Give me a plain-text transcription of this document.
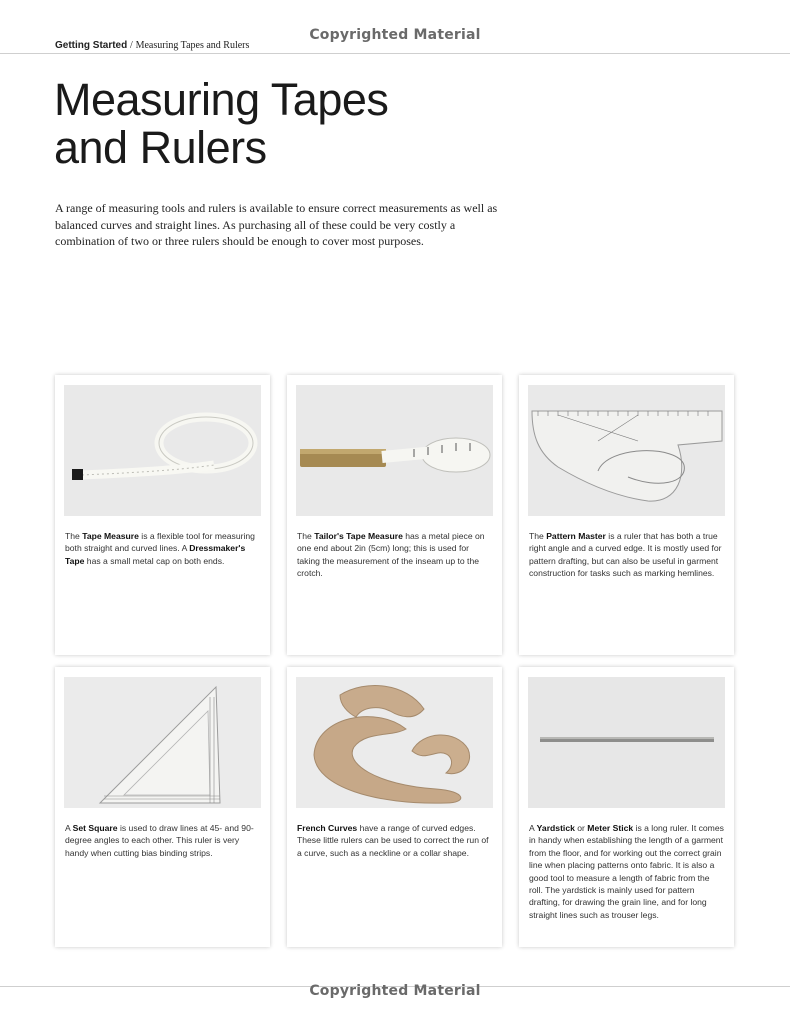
Copyrighted Material
Getting Started / Measuring Tapes and Rulers
Measuring Tapes
and Rulers

A range of measuring tools and rulers is available to ensure correct measurements as well as balanced curves and straight lines. As purchasing all of these could be very costly a combination of two or three rulers should be enough to cover most purposes.

The Tape Measure is a flexible tool for measuring both straight and curved lines. A Dressmaker's Tape has a small metal cap on both ends.

The Tailor's Tape Measure has a metal piece on one end about 2in (5cm) long; this is used for taking the measurement of the inseam up to the crotch.

The Pattern Master is a ruler that has both a true right angle and a curved edge. It is mostly used for pattern drafting, but can also be useful in garment construction for tasks such as marking hemlines.

A Set Square is used to draw lines at 45- and 90-degree angles to each other. This ruler is very handy when cutting bias binding strips.

French Curves have a range of curved edges. These little rulers can be used to correct the run of a curve, such as a neckline or a collar shape.

A Yardstick or Meter Stick is a long ruler. It comes in handy when establishing the length of a garment from the floor, and for working out the correct grain line when placing patterns onto fabric. It is also a good tool to measure a length of fabric from the roll. The yardstick is mainly used for pattern drafting, for drawing the grain line, and for long straight lines such as trouser legs.

Copyrighted Material
